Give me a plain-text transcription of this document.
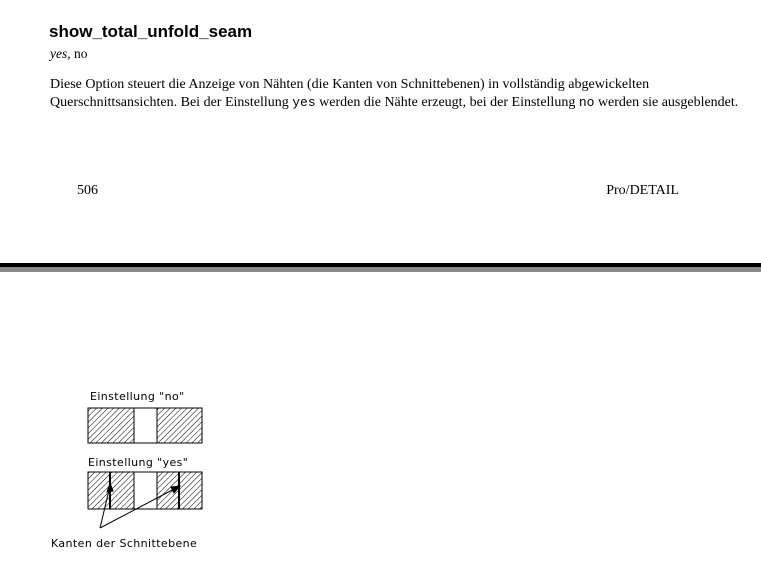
show_total_unfold_seam
yes, no

Diese Option steuert die Anzeige von Nähten (die Kanten von Schnittebenen) in vollständig abgewickelten Querschnittsansichten. Bei der Einstellung yes werden die Nähte erzeugt, bei der Einstellung no werden sie ausgeblendet.

506	Pro/DETAIL
Einstellung "no"
Einstellung "yes"
Kanten der Schnittebene
